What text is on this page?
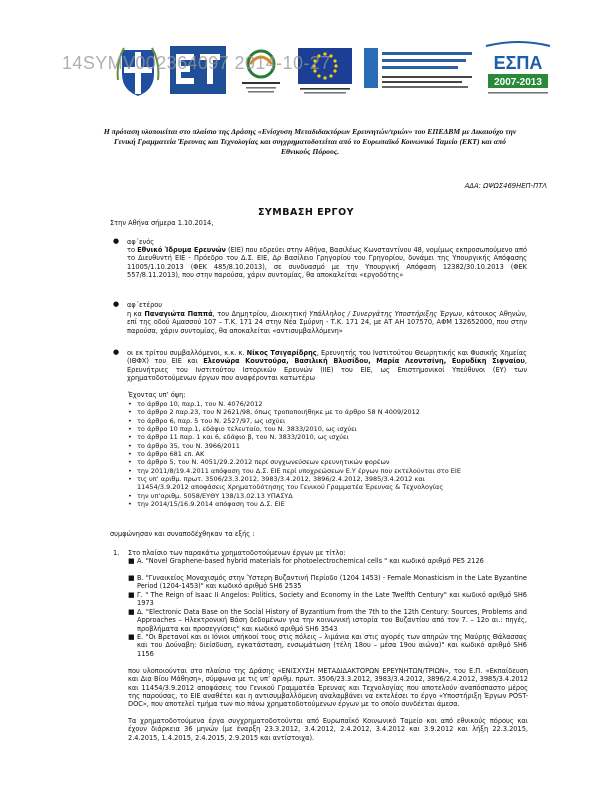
ΕΣΠΑ
2007-2013
14SYMV002364097 2014-10-27
Η πρόταση υλοποιείται στο πλαίσιο της Δράσης «Ενίσχυση Μεταδιδακτόρων Ερευνητών/τριών» του ΕΠΕΔΒΜ με Δικαιούχο την Γενική Γραμματεία Έρευνας και Τεχνολογίας και συγχρηματοδοτείται από το Ευρωπαϊκό Κοινωνικό Ταμείο (ΕΚΤ) και από Εθνικούς Πόρους.
ΑΔΑ: ΩΨΩΣ469ΗΕΠ-ΠΤΛ
ΣΥΜΒΑΣΗ ΕΡΓΟΥ
Στην Αθήνα σήμερα 1.10.2014,
● αφ΄ενός
το Εθνικό Ίδρυμα Ερευνών (ΕΙΕ) που εδρεύει στην Αθήνα, Βασιλέως Κωνσταντίνου 48, νομίμως εκπροσωπούμενο από το Διευθυντή ΕΙΕ - Πρόεδρο του Δ.Σ. ΕΙΕ, Δρ Βασίλειο Γρηγορίου του Γρηγορίου, δυνάμει της Υπουργικής Απόφασης 11005/1.10.2013 (ΦΕΚ 485/8.10.2013), σε συνδυασμό με την Υπουργική Απόφαση 12382/30.10.2013 (ΦΕΚ 557/8.11.2013), που στην παρούσα, χάριν συντομίας, θα αποκαλείται «εργοδότης»
● αφ΄ετέρου
η κα Παναγιώτα Παππά, του Δημητρίου, Διοικητική Υπάλληλος / Συνεργάτης Υποστήριξης Έργων, κάτοικος Αθηνών, επί της οδού Αμασσού 107 – Τ.Κ. 171 24 στην Νέα Σμύρνη - Τ.Κ. 171 24, με ΑΤ ΑΗ 107570, ΑΦΜ 132652000, που στην παρούσα, χάριν συντομίας, θα αποκαλείται «αντισυμβαλλόμενη»
● οι εκ τρίτου συμβαλλόμενοι, κ.κ. κ. Νίκος Τσιγαρίδρης, Ερευνητής του Ινστιτούτου Θεωρητικής και Φυσικής Χημείας (ΙΘΦΧ) του ΕΙΕ και Ελεονώρα Κουντούρα, Βασιλική Βλυσίδου, Μαρία Λεοντσίνη, Ευρυδίκη Σιφναίου, Ερευνήτριες του Ινστιτούτου Ιστορικών Ερευνών (ΙΙΕ) του ΕΙΕ, ως Επιστημονικοί Υπεύθυνοι (ΕΥ) των χρηματοδοτούμενων έργων που αναφέρονται κατωτέρω
Έχοντας υπ’ όψη:
• το άρθρο 10, παρ.1, του Ν. 4076/2012
• το άρθρο 2 παρ.23, του Ν 2621/98, όπως τροποποιήθηκε με το άρθρο 58 Ν 4009/2012
• το άρθρο 6, παρ. 5 του Ν. 2527/97, ως ισχύει
• το άρθρο 10 παρ.1, εδάφιο τελευταίο, του Ν. 3833/2010, ως ισχύει
• το άρθρο 11 παρ. 1 και 6, εδάφιο β, του Ν. 3833/2010, ως ισχύει
• το άρθρο 35, του Ν. 3966/2011
• το άρθρο 681 επ. ΑΚ
• το άρθρο 5, του Ν. 4051/29.2.2012 περί συγχωνεύσεων ερευνητικών φορέων
• την 2011/8/19.4.2011 απόφαση του Δ.Σ. ΕΙΕ περί υποχρεώσεων Ε.Υ έργων που εκτελούνται στο ΕΙΕ
• τις υπ’ αριθμ. πρωτ. 3506/23.3.2012, 3983/3.4.2012, 3896/2.4.2012, 3985/3.4.2012 και
11454/3.9.2012 αποφάσεις Χρηματοδότησης του Γενικού Γραμματέα Έρευνας & Τεχνολογίας
• την υπ’αριθμ. 5058/ΕΥΘΥ 138/13.02.13 ΥΠΑΣΥΔ
• την 2014/15/16.9.2014 απόφαση του Δ.Σ. ΕΙΕ
συμφώνησαν και συναποδέχθηκαν τα εξής :
1. Στο πλαίσιο των παρακάτω χρηματοδοτούμενων έργων με τίτλο:
■ Α. "Novel Graphene-based hybrid materials for photoelectrochemical cells " και κωδικό αριθμό PE5 2126
■ Β. "Γυναικείος Μοναχισμός στην Ύστερη Βυζαντινή Περίοδο (1204 1453) - Female Monasticism in the Late Byzantine Period (1204-1453)" και κωδικό αριθμό SH6 2535
■ Γ. " The Reign of Isaac II Angelos: Politics, Society and Economy in the Late Twelfth Century" και κωδικό αριθμό SH6 1973
■ Δ. "Electronic Data Base on the Social History of Byzantium from the 7th to the 12th Century: Sources, Problems and Approaches – Ηλεκτρονική Βάση δεδομένων για την κοινωνική ιστορία του Βυζαντίου από τον 7. – 12ο αι.: πηγές, προβλήματα και προσεγγίσεις" και κωδικό αριθμό SH6 3543
■ Ε. "Οι Βρετανοί και οι Ιόνιοι υπήκοοί τους στις πόλεις – λιμάνια και στις αγορές των απηρών της Μαύρης Θάλασσας και του Δούναβη: διείσδυση, εγκατάσταση, ενσωμάτωση (τέλη 18ου – μέσα 19ου αιώνα)" και κωδικό αριθμό SH6 1156
που υλοποιούνται στο πλαίσιο της Δράσης «ΕΝΙΣΧΥΣΗ ΜΕΤΑΔΙΔΑΚΤΟΡΩΝ ΕΡΕΥΝΗΤΩΝ/ΤΡΙΩΝ», του Ε.Π. «Εκπαίδευση και Δια Βίου Μάθηση», σύμφωνα με τις υπ’ αριθμ. πρωτ. 3506/23.3.2012, 3983/3.4.2012, 3896/2.4.2012, 3985/3.4.2012 και 11454/3.9.2012 αποφάσεις του Γενικού Γραμματέα Έρευνας και Τεχνολογίας που αποτελούν αναπόσπαστο μέρος της παρούσας, το ΕΙΕ αναθέτει και η αντισυμβαλλόμενη αναλαμβάνει να εκτελέσει το έργο «Υποστήριξη Έργων POST-DOC», που αποτελεί τμήμα των πιο πάνω χρηματοδοτούμενων έργων με το οποίο συνδέεται άμεσα.
Τα χρηματοδοτούμενα έργα συγχρηματοδοτούνται από Ευρωπαϊκό Κοινωνικό Ταμείο και από εθνικούς πόρους και έχουν διάρκεια 36 μηνών (με έναρξη 23.3.2012, 3.4.2012, 2.4.2012, 3.4.2012 και 3.9.2012 και λήξη 22.3.2015, 2.4.2015, 1.4.2015, 2.4.2015, 2.9.2015 και αντίστοιχα).
